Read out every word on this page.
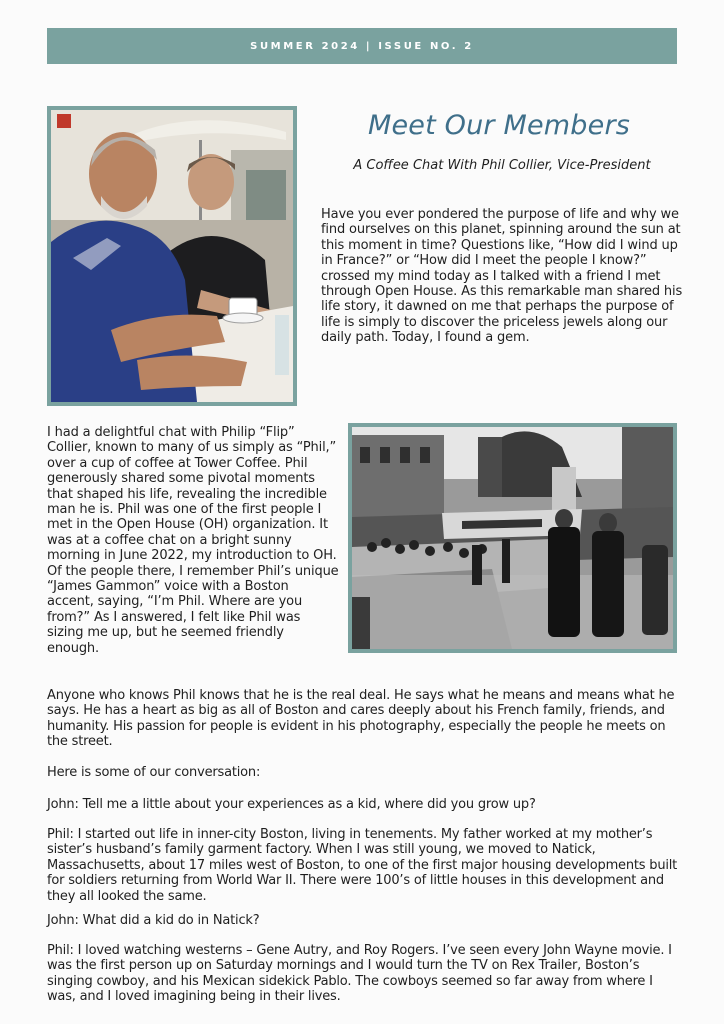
SUMMER 2024 | ISSUE NO. 2
Meet Our Members
A Coffee Chat With Phil Collier, Vice-President

Have you ever pondered the purpose of life and why we find ourselves on this planet, spinning around the sun at this moment in time? Questions like, “How did I wind up in France?” or “How did I meet the people I know?” crossed my mind today as I talked with a friend I met through Open House. As this remarkable man shared his life story, it dawned on me that perhaps the purpose of life is simply to discover the priceless jewels along our daily path. Today, I found a gem.

I had a delightful chat with Philip “Flip” Collier, known to many of us simply as “Phil,” over a cup of coffee at Tower Coffee. Phil generously shared some pivotal moments that shaped his life, revealing the incredible man he is. Phil was one of the first people I met in the Open House (OH) organization. It was at a coffee chat on a bright sunny morning in June 2022, my introduction to OH. Of the people there, I remember Phil’s unique “James Gammon” voice with a Boston accent, saying, “I’m Phil. Where are you from?” As I answered, I felt like Phil was sizing me up, but he seemed friendly enough.

Anyone who knows Phil knows that he is the real deal. He says what he means and means what he says. He has a heart as big as all of Boston and cares deeply about his French family, friends, and humanity. His passion for people is evident in his photography, especially the people he meets on the street.

Here is some of our conversation:

John: Tell me a little about your experiences as a kid, where did you grow up?

Phil: I started out life in inner-city Boston, living in tenements. My father worked at my mother’s sister’s husband’s family garment factory. When I was still young, we moved to Natick, Massachusetts, about 17 miles west of Boston, to one of the first major housing developments built for soldiers returning from World War II. There were 100’s of little houses in this development and they all looked the same.

John: What did a kid do in Natick?

Phil: I loved watching westerns – Gene Autry, and Roy Rogers. I’ve seen every John Wayne movie. I was the first person up on Saturday mornings and I would turn the TV on Rex Trailer, Boston’s singing cowboy, and his Mexican sidekick Pablo. The cowboys seemed so far away from where I was, and I loved imagining being in their lives.
